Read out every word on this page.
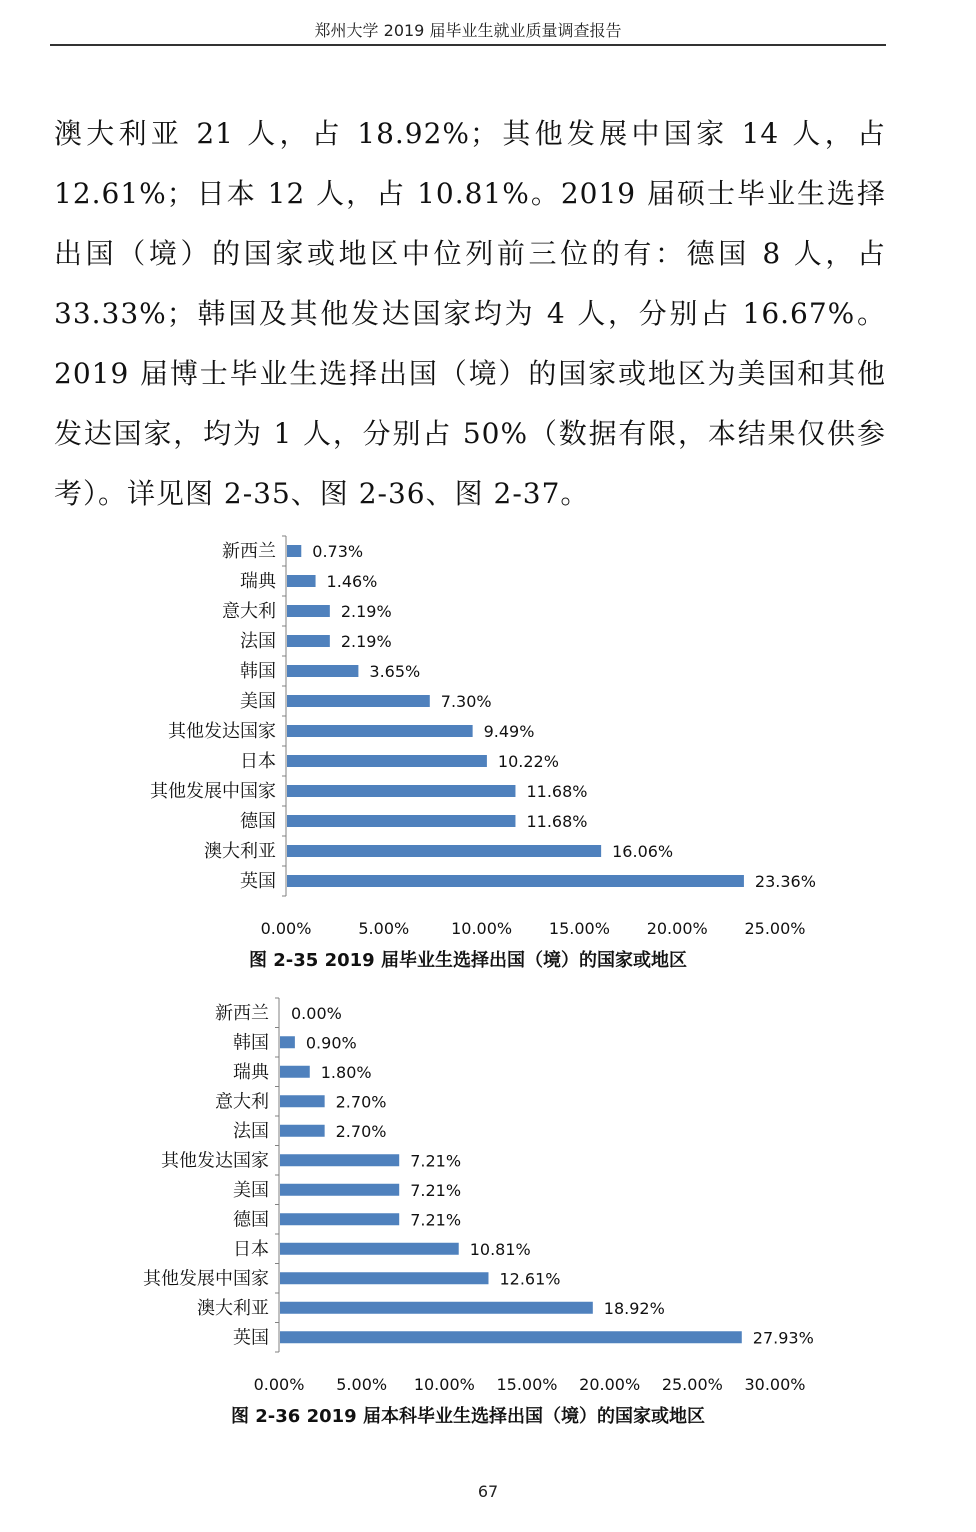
郑州大学 2019 届毕业生就业质量调查报告

澳大利亚 21 人，占 18.92%；其他发展中国家 14 人，占 12.61%；日本 12 人，占 10.81%。2019 届硕士毕业生选择出国（境）的国家或地区中位列前三位的有：德国 8 人，占 33.33%；韩国及其他发达国家均为 4 人，分别占 16.67%。2019 届博士毕业生选择出国（境）的国家或地区为美国和其他发达国家，均为 1 人，分别占 50%（数据有限，本结果仅供参考）。详见图 2-35、图 2-36、图 2-37。

新西兰 0.73%
瑞典	1.46%
意大利	2.19%
法国	2.19%
韩国	3.65%
美国	7.30%
其他发达国家	9.49%
日本	10.22%
其他发展中国家	11.68%
德国	11.68%
澳大利亚	16.06%
英国	23.36%
0.00%	5.00%	10.00% 15.00% 20.00% 25.00%
图 2-35 2019 届毕业生选择出国（境）的国家或地区
新西兰 0.00%
韩国 0.90%
瑞典	1.80%
意大利	2.70%
法国	2.70%
其他发达国家	7.21%
美国	7.21%
德国	7.21%
日本	10.81%
其他发展中国家	12.61%
澳大利亚	18.92%
英国	27.93%
0.00% 5.00% 10.00% 15.00% 20.00% 25.00% 30.00%
图 2-36 2019 届本科毕业生选择出国（境）的国家或地区
67
